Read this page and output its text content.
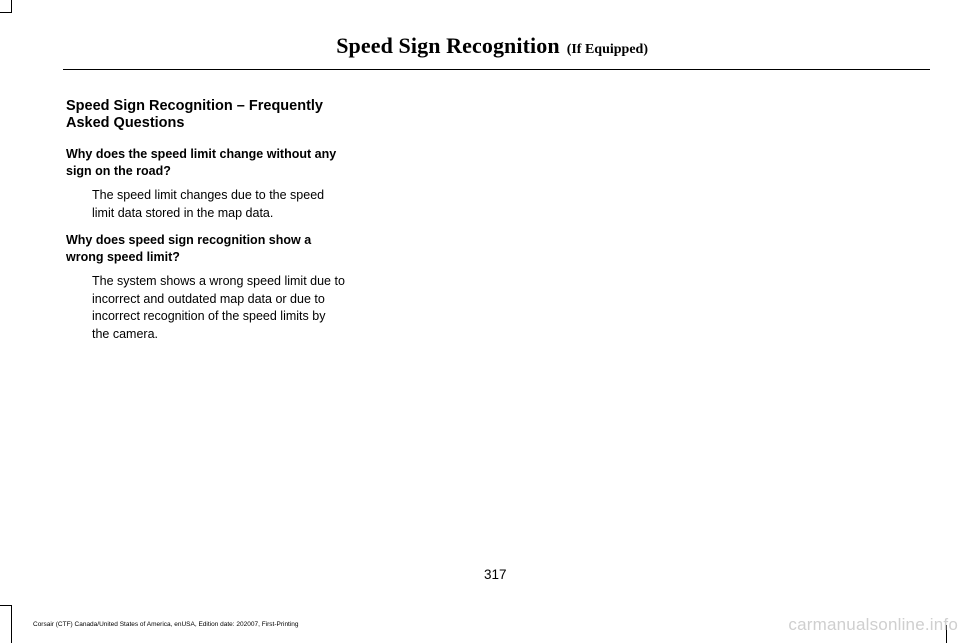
Speed Sign Recognition (If Equipped)
Speed Sign Recognition – Frequently Asked Questions

Why does the speed limit change without any sign on the road?

The speed limit changes due to the speed limit data stored in the map data.

Why does speed sign recognition show a wrong speed limit?

The system shows a wrong speed limit due to incorrect and outdated map data or due to incorrect recognition of the speed limits by the camera.

317
Corsair (CTF) Canada/United States of America, enUSA, Edition date: 202007, First-Printing	carmanualsonline.info
